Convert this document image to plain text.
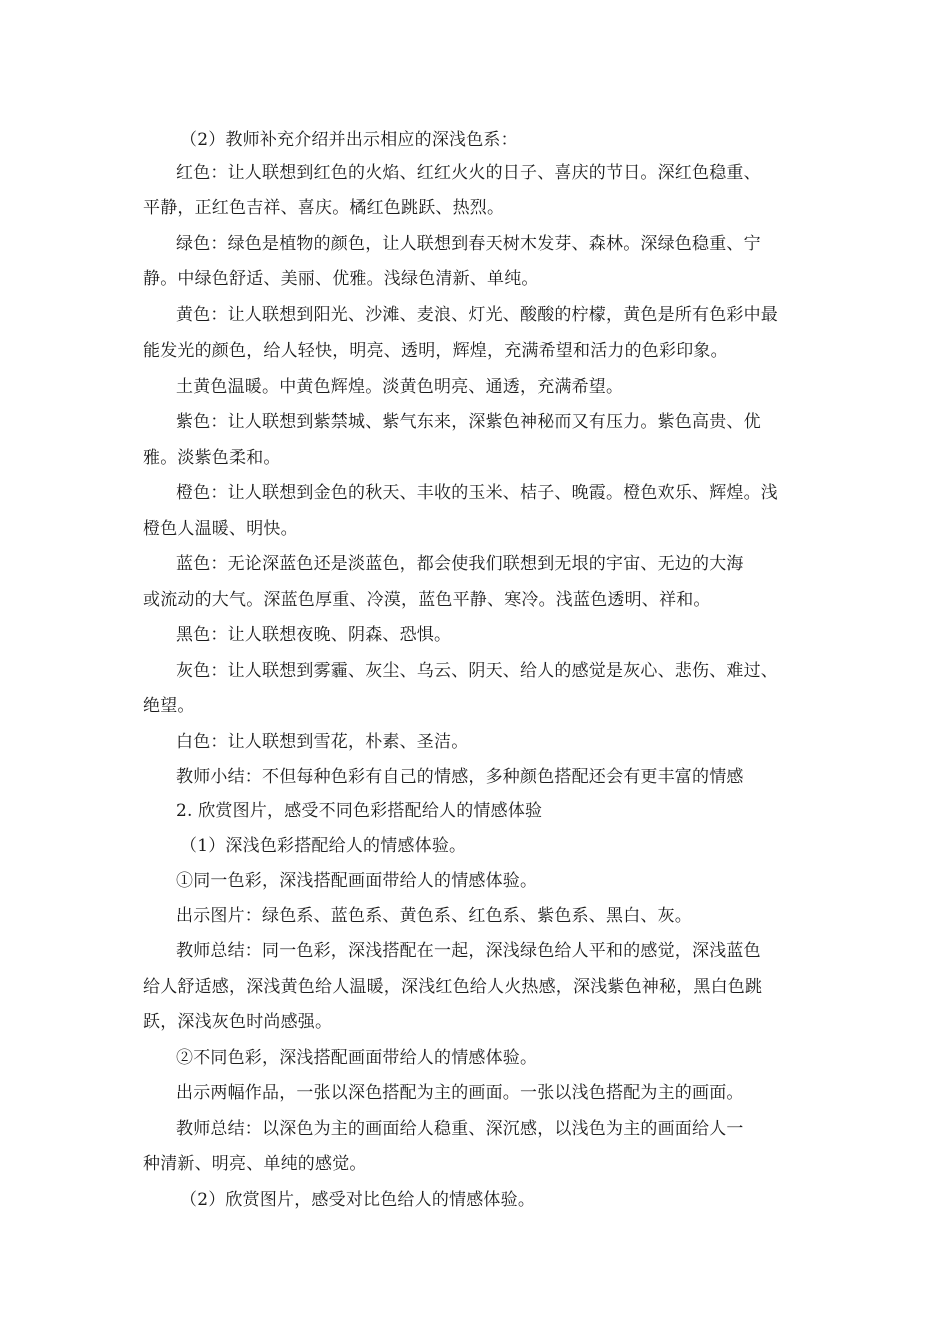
（2）教师补充介绍并出示相应的深浅色系：
红色：让人联想到红色的火焰、红红火火的日子、喜庆的节日。深红色稳重、
平静，正红色吉祥、喜庆。橘红色跳跃、热烈。
绿色：绿色是植物的颜色，让人联想到春天树木发芽、森林。深绿色稳重、宁
静。中绿色舒适、美丽、优雅。浅绿色清新、单纯。
黄色：让人联想到阳光、沙滩、麦浪、灯光、酸酸的柠檬，黄色是所有色彩中最
能发光的颜色，给人轻快，明亮、透明，辉煌，充满希望和活力的色彩印象。
土黄色温暖。中黄色辉煌。淡黄色明亮、通透，充满希望。
紫色：让人联想到紫禁城、紫气东来，深紫色神秘而又有压力。紫色高贵、优
雅。淡紫色柔和。
橙色：让人联想到金色的秋天、丰收的玉米、桔子、晚霞。橙色欢乐、辉煌。浅
橙色人温暖、明快。
蓝色：无论深蓝色还是淡蓝色，都会使我们联想到无垠的宇宙、无边的大海
或流动的大气。深蓝色厚重、冷漠，蓝色平静、寒冷。浅蓝色透明、祥和。
黑色：让人联想夜晚、阴森、恐惧。
灰色：让人联想到雾霾、灰尘、乌云、阴天、给人的感觉是灰心、悲伤、难过、
绝望。
白色：让人联想到雪花，朴素、圣洁。
教师小结：不但每种色彩有自己的情感，多种颜色搭配还会有更丰富的情感
2. 欣赏图片，感受不同色彩搭配给人的情感体验
（1）深浅色彩搭配给人的情感体验。
①同一色彩，深浅搭配画面带给人的情感体验。
出示图片：绿色系、蓝色系、黄色系、红色系、紫色系、黑白、灰。
教师总结：同一色彩，深浅搭配在一起，深浅绿色给人平和的感觉，深浅蓝色
给人舒适感，深浅黄色给人温暖，深浅红色给人火热感，深浅紫色神秘，黑白色跳
跃，深浅灰色时尚感强。
②不同色彩，深浅搭配画面带给人的情感体验。
出示两幅作品，一张以深色搭配为主的画面。一张以浅色搭配为主的画面。
教师总结：以深色为主的画面给人稳重、深沉感，以浅色为主的画面给人一
种清新、明亮、单纯的感觉。
（2）欣赏图片，感受对比色给人的情感体验。
